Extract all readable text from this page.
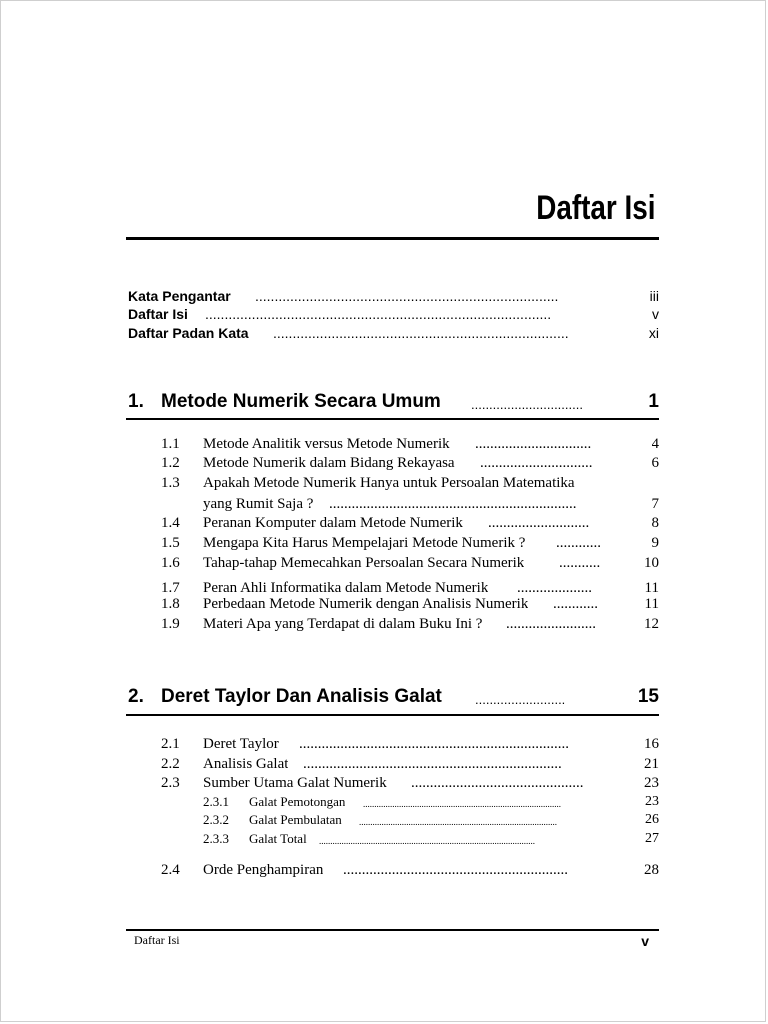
Daftar Isi
Kata Pengantar ..............................................................................	iii
Daftar Isi .........................................................................................	v
Daftar Padan Kata ............................................................................	xi
1. Metode Numerik Secara Umum ...............................	1
1.1 Metode Analitik versus Metode Numerik ...............................	4
1.2 Metode Numerik dalam Bidang Rekayasa ..............................	6
1.3 Apakah Metode Numerik Hanya untuk Persoalan Matematika
yang Rumit Saja ? ..................................................................	7
1.4 Peranan Komputer dalam Metode Numerik ...........................	8
1.5 Mengapa Kita Harus Mempelajari Metode Numerik ? ............	9
1.6 Tahap-tahap Memecahkan Persoalan Secara Numerik ...........	10
1.7 Peran Ahli Informatika dalam Metode Numerik ....................	11
1.8 Perbedaan Metode Numerik dengan Analisis Numerik ............	11
1.9 Materi Apa yang Terdapat di dalam Buku Ini ? ........................	12
2. Deret Taylor Dan Analisis Galat	.........................	15
2.1 Deret Taylor ........................................................................	16
2.2 Analisis Galat .....................................................................	21
2.3 Sumber Utama Galat Numerik ..............................................	23
2.3.1 Galat Pemotongan ........................................................................................	23
2.3.2 Galat Pembulatan ........................................................................................	26
2.3.3 Galat Total ................................................................................................	27
2.4 Orde Penghampiran ............................................................	28
Daftar Isi	v
